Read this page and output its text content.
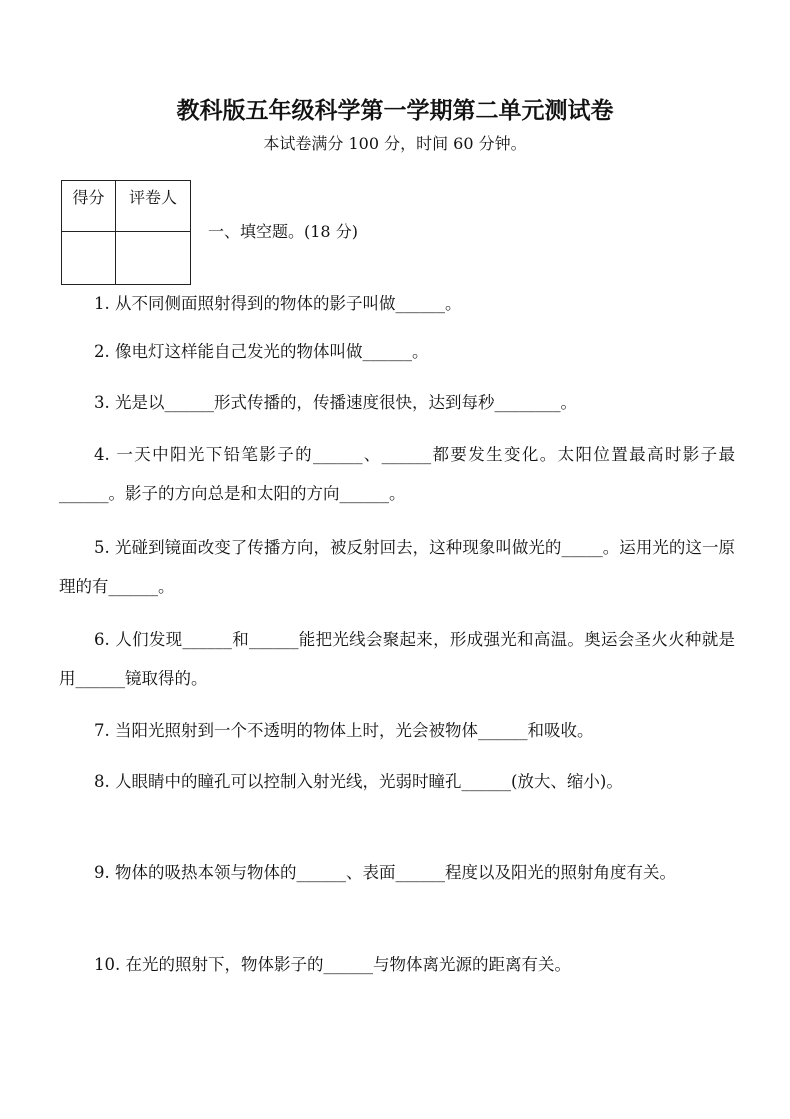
教科版五年级科学第一学期第二单元测试卷
本试卷满分 100 分，时间 60 分钟。
得分	评卷人

一、填空题。(18 分)
1. 从不同侧面照射得到的物体的影子叫做______。
2. 像电灯这样能自己发光的物体叫做______。
3. 光是以______形式传播的，传播速度很快，达到每秒________。
4. 一天中阳光下铅笔影子的______、______都要发生变化。太阳位置最高时影子最______。影子的方向总是和太阳的方向______。
5. 光碰到镜面改变了传播方向，被反射回去，这种现象叫做光的_____。运用光的这一原理的有______。
6. 人们发现______和______能把光线会聚起来，形成强光和高温。奥运会圣火火种就是用______镜取得的。
7. 当阳光照射到一个不透明的物体上时，光会被物体______和吸收。
8. 人眼睛中的瞳孔可以控制入射光线，光弱时瞳孔______(放大、缩小)。
9. 物体的吸热本领与物体的______、表面______程度以及阳光的照射角度有关。
10. 在光的照射下，物体影子的______与物体离光源的距离有关。
